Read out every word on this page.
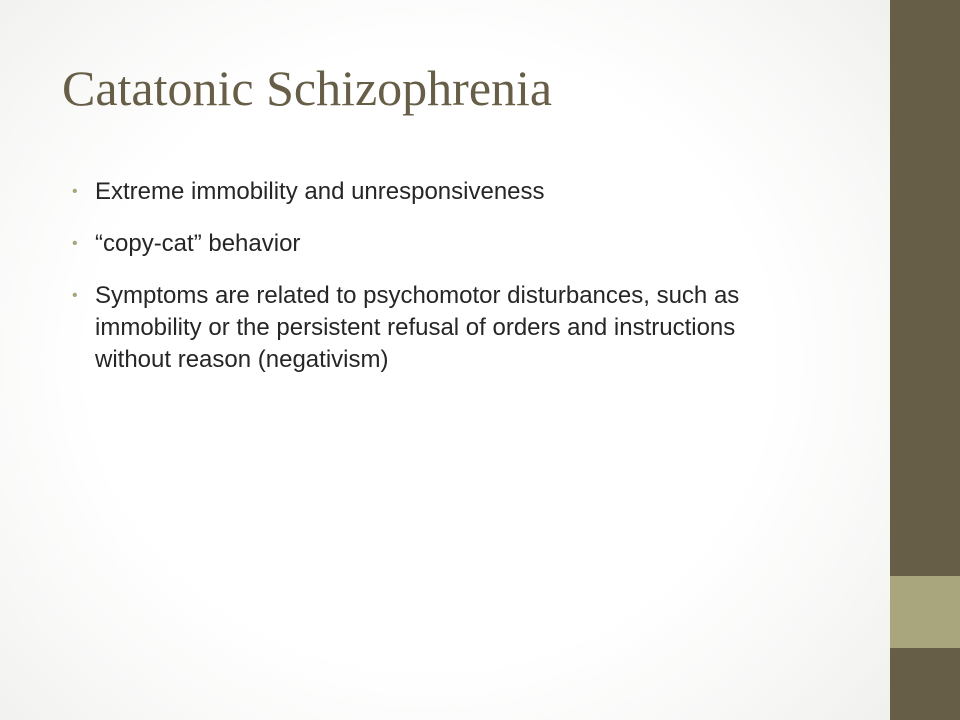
Catatonic Schizophrenia
• Extreme immobility and unresponsiveness
• “copy-cat” behavior
• Symptoms are related to psychomotor disturbances, such as immobility or the persistent refusal of orders and instructions without reason (negativism)
